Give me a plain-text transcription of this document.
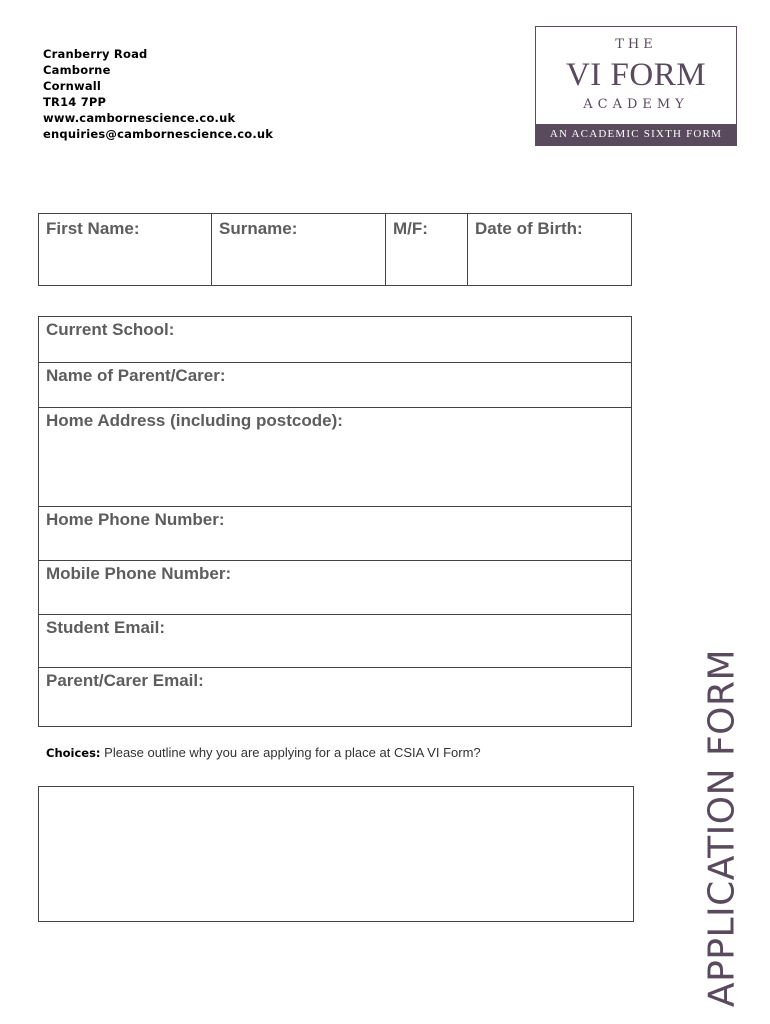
Cranberry Road
Camborne
Cornwall
TR14 7PP
www.cambornescience.co.uk
enquiries@cambornescience.co.uk
THE
VI FORM
ACADEMY
AN ACADEMIC SIXTH FORM
First Name:	Surname:	M/F:	Date of Birth:
Current School:
Name of Parent/Carer:
Home Address (including postcode):
Home Phone Number:
Mobile Phone Number:
Student Email:
Parent/Carer Email:
Choices: Please outline why you are applying for a place at CSIA VI Form?	APPLICATION FORM
